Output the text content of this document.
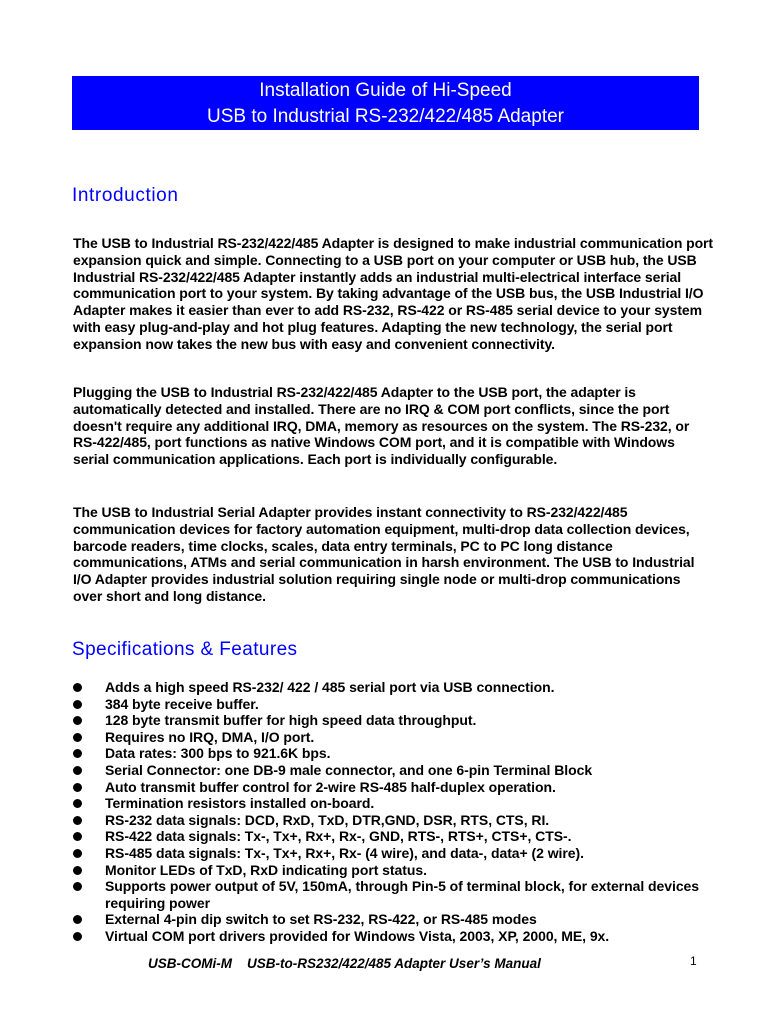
Installation Guide of Hi-Speed
USB to Industrial RS-232/422/485 Adapter
Introduction

The USB to Industrial RS-232/422/485 Adapter is designed to make industrial communication port expansion quick and simple. Connecting to a USB port on your computer or USB hub, the USB Industrial RS-232/422/485 Adapter instantly adds an industrial multi-electrical interface serial communication port to your system. By taking advantage of the USB bus, the USB Industrial I/O Adapter makes it easier than ever to add RS-232, RS-422 or RS-485 serial device to your system with easy plug-and-play and hot plug features. Adapting the new technology, the serial port expansion now takes the new bus with easy and convenient connectivity.

Plugging the USB to Industrial RS-232/422/485 Adapter to the USB port, the adapter is automatically detected and installed. There are no IRQ & COM port conflicts, since the port doesn't require any additional IRQ, DMA, memory as resources on the system. The RS-232, or RS-422/485, port functions as native Windows COM port, and it is compatible with Windows serial communication applications. Each port is individually configurable.

The USB to Industrial Serial Adapter provides instant connectivity to RS-232/422/485 communication devices for factory automation equipment, multi-drop data collection devices, barcode readers, time clocks, scales, data entry terminals, PC to PC long distance communications, ATMs and serial communication in harsh environment. The USB to Industrial I/O Adapter provides industrial solution requiring single node or multi-drop communications over short and long distance.

Specifications & Features
Adds a high speed RS-232/ 422 / 485 serial port via USB connection.
384 byte receive buffer.
128 byte transmit buffer for high speed data throughput.
Requires no IRQ, DMA, I/O port.
Data rates: 300 bps to 921.6K bps.
Serial Connector: one DB-9 male connector, and one 6-pin Terminal Block
Auto transmit buffer control for 2-wire RS-485 half-duplex operation.
Termination resistors installed on-board.
RS-232 data signals: DCD, RxD, TxD, DTR,GND, DSR, RTS, CTS, RI.
RS-422 data signals: Tx-, Tx+, Rx+, Rx-, GND, RTS-, RTS+, CTS+, CTS-.
RS-485 data signals: Tx-, Tx+, Rx+, Rx- (4 wire), and data-, data+ (2 wire).
Monitor LEDs of TxD, RxD indicating port status.
Supports power output of 5V, 150mA, through Pin-5 of terminal block, for external devices requiring power
External 4-pin dip switch to set RS-232, RS-422, or RS-485 modes
Virtual COM port drivers provided for Windows Vista, 2003, XP, 2000, ME, 9x.
USB-COMi-M    USB-to-RS232/422/485 Adapter User’s Manual	1
